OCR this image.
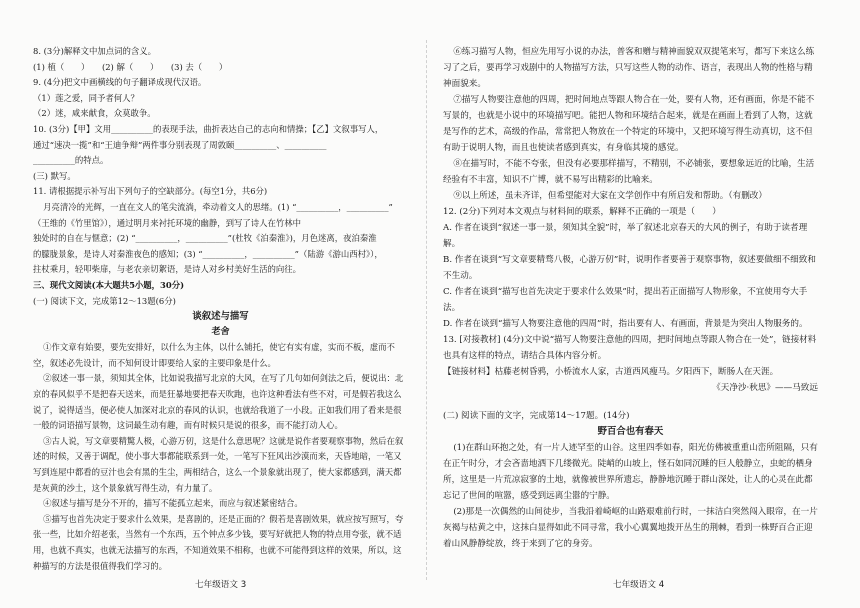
8. (3分)解释文中加点词的含义。

(1) 植（　　）　　(2) 解（　　）　　(3) 去（　　）

9. (4分)把文中画横线的句子翻译成现代汉语。

（1）莲之爱，同予者何人？

（2）迷，咸来献食，众莫敢争。

10. (3分)【甲】文用__________的表现手法，曲折表达自己的志向和情操；【乙】文叙事写人，

通过“速决一揽”和“王迪争辩”两件事分别表现了周敦颐__________、__________

__________的特点。

(三) 默写。

11. 请根据提示补写出下列句子的空缺部分。(每空1分，共6分)

月亮清冷的光辉，一直在文人的笔尖流淌，牵动着文人的思绪。(1) “__________，__________”

（王维的《竹里馆》），通过明月来衬托环境的幽静，到写了诗人在竹林中

独处时的自在与惬意；(2) “__________，__________”(杜牧《泊秦淮》)，月色迷离，夜泊秦淮

的朦胧景象，是诗人对秦淮夜色的感知；(3) “__________，__________”（陆游《游山西村》），

拄杖乘月，轻叩柴扉，与老农亲切絮语，是诗人对乡村美好生活的向往。

三、现代文阅读(本大题共5小题，30分)

(一) 阅读下文，完成第12～13题(6分)

谈叙述与描写

老舍

①作文章有始要，要先安排好，以什么为主体，以什么铺托，使它有实有虚，实而不板，虚而不空，叙述必先设计，而不知何设计即要给人家的主要印象是什么。

②叙述一事一景，须知其全体，比如说我描写北京的大风，在写了几句如何剑法之后，便说出：北京的春风似乎不是把春天送来，而是狂暴地要把春天吹跑，也许这种看法有些不对，可是假若我这么说了，说得适当，便必使人加深对北京的春风的认识，也就给我道了一小段。正如我们用了看来是很一般的词语描写景物，这词最生动有趣，而有时候只是说的很多，而不能打动人心。

③古人说，写文章要精驚人极，心游万仞，这是什么意思呢？这就是说作者要观察事物，然后在叙述的时候，又善于调配，使小事大事都能联系到一处，一笔写下狂风出沙漠而来，天昏地暗，一笔又写到连屋中都看的豆汁也会有黑的生尘，两相结合，这么一个景象就出现了，使大家都感到，满天都是灰黄的沙土，这个景象就写得生动，有力量了。

④叙述与描写是分不开的，描写不能孤立起来，而应与叙述紧密结合。

⑤描写也首先决定于要求什么效果，是喜剧的，还是正面的？假若是喜剧效果，就应按写照写，夸张一些，比如介绍老张，当然有一个东西，五个钟点多少钱，要写好就把人物的特点用夸张，就不适用，也就不真实，也就无法描写的东西，不知道效果不相称，也就不可能得到这样的效果，所以，这种描写的方法是很值得我们学习的。

⑥练习描写人物，恒应先用写小说的办法，普客和赠与精神面貌双双提笔来写，都写下来这么练习了之后，要再学习戏剧中的人物描写方法，只写这些人物的动作、语言，表现出人物的性格与精神面貌来。

⑦描写人物要注意他的四周，把时间地点等跟人物合在一处，要有人物，还有画面，你是不能不写景的，也就是小说中的环境描写吧。能把人物和环境结合起来，就是在画面上看到了人物，这就是写作的艺术，高级的作品，常常把人物放在一个特定的环境中，又把环境写得生动真切，这不但有助于说明人物，而且也使读者感到真实，有身临其境的感觉。

⑧在描写时，不能不夸张，但没有必要那样描写，不精别，不必铺张，要想象远近的比喻，生活经验有不丰富，知识不广博，就不易写出精彩的比喻来。

⑨以上所述，虽未齐详，但希望能对大家在文学创作中有所启发和帮助。（有删改）

12. (2分)下列对本文观点与材料间的联系，解释不正确的一项是（　　）

A. 作者在谈到“叙述一事一景，须知其全貌”时，举了叙述北京春天的大风的例子，有助于读者理解。

B. 作者在谈到“写文章要精骛八极，心游万仞”时，说明作者要善于观察事物，叙述要做细不细致和不生动。

C. 作者在谈到“描写也首先决定于要求什么效果”时，提出若正面描写人物形象，不宜使用夸大手法。

D. 作者在谈到“描写人物要注意他的四周”时，指出要有人、有画面，背景是为突出人物服务的。

13. [对接教材] (4分)文中说“描写人物要注意他的四周，把时间地点等跟人物合在一处”，链接材料也具有这样的特点，请结合具体内容分析。

【链接材料】枯藤老树昏鸦，小桥流水人家，古道西风瘦马。夕阳西下，断肠人在天涯。

《天净沙·秋思》——马致远

(二) 阅读下面的文字，完成第14～17题。(14分)

野百合也有春天

(1)在群山环抱之处，有一片人迹罕至的山谷。这里四季如春，阳光仿佛被重重山峦所阻隔，只有在正午时分，才会吝啬地洒下几缕微光。陡峭的山坡上，怪石如同沉睡的巨人般静立，虫蛇的栖身所，这里是一片荒凉寂寥的土地，就像被世界所遗忘，静静地沉睡于群山深处，让人的心灵在此都忘记了世间的喧嚣，感受到远离尘嚣的宁静。

(2)那是一次偶然的山间徒步，当我沿着崎岖的山路艰难前行时，一抹洁白突然闯入眼帘，在一片灰褐与枯黄之中，这抹白显得如此不同寻常，我小心翼翼地拨开丛生的荆棘，看到一株野百合正迎着山风静静绽放，终于来到了它的身旁。

七年级语文 3	七年级语文 4
